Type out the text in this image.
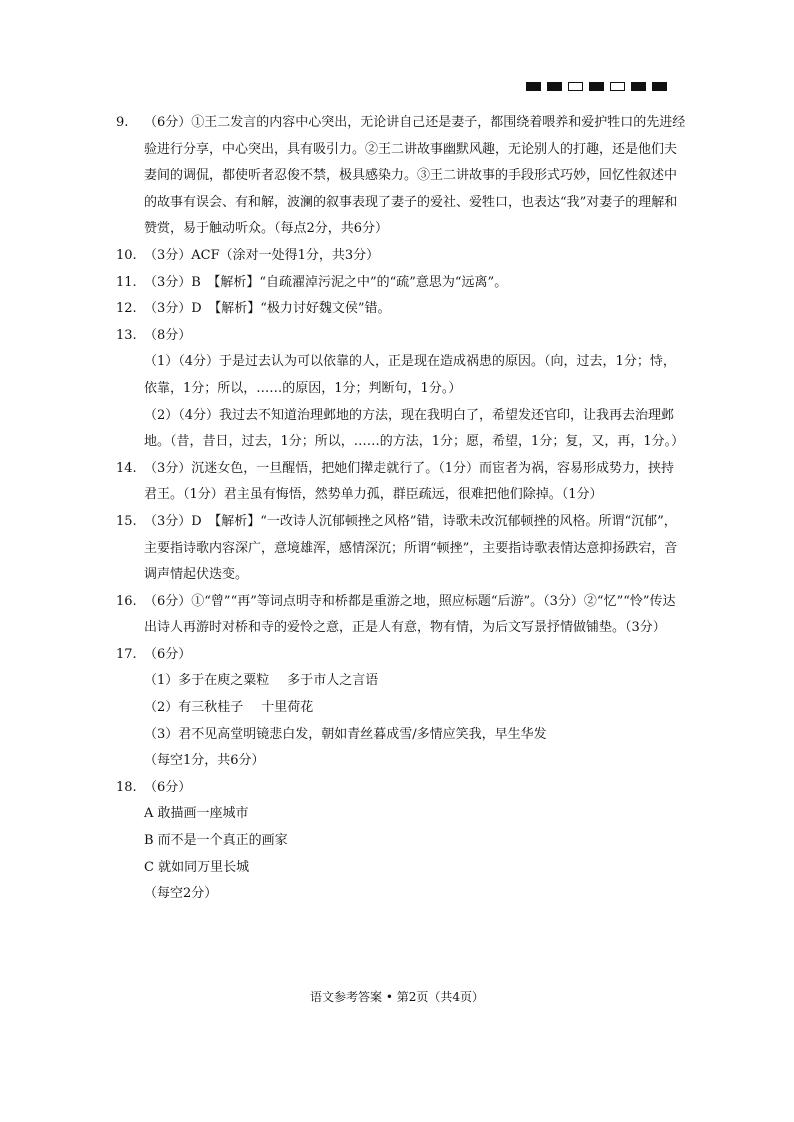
9. （6分）①王二发言的内容中心突出，无论讲自己还是妻子，都围绕着喂养和爱护牲口的先进经验进行分享，中心突出，具有吸引力。②王二讲故事幽默风趣，无论别人的打趣，还是他们夫妻间的调侃，都使听者忍俊不禁，极具感染力。③王二讲故事的手段形式巧妙，回忆性叙述中的故事有误会、有和解，波澜的叙事表现了妻子的爱社、爱牲口，也表达“我”对妻子的理解和赞赏，易于触动听众。（每点2分，共6分）
10. （3分）ACF（涂对一处得1分，共3分）
11. （3分）B　【解析】“自疏濯淖污泥之中”的“疏”意思为“远离”。
12. （3分）D　【解析】“极力讨好魏文侯”错。
13. （8分）
（1）（4分）于是过去认为可以依靠的人，正是现在造成祸患的原因。（向，过去，1分；恃，依靠，1分；所以，……的原因，1分；判断句，1分。）
（2）（4分）我过去不知道治理邺地的方法，现在我明白了，希望发还官印，让我再去治理邺地。（昔，昔日，过去，1分；所以，……的方法，1分；愿，希望，1分；复，又，再，1分。）
14. （3分）沉迷女色，一旦醒悟，把她们撵走就行了。（1分）而宦者为祸，容易形成势力，挟持君王。（1分）君主虽有悔悟，然势单力孤，群臣疏远，很难把他们除掉。（1分）
15. （3分）D　【解析】“一改诗人沉郁顿挫之风格”错，诗歌未改沉郁顿挫的风格。所谓“沉郁”，主要指诗歌内容深广，意境雄浑，感情深沉；所谓“顿挫”，主要指诗歌表情达意抑扬跌宕，音调声情起伏迭变。
16. （6分）①“曾”“再”等词点明寺和桥都是重游之地，照应标题“后游”。（3分）②“忆”“怜”传达出诗人再游时对桥和寺的爱怜之意，正是人有意，物有情，为后文写景抒情做铺垫。（3分）
17. （6分）
（1）多于在庾之粟粒 多于市人之言语
（2）有三秋桂子 十里荷花
（3）君不见高堂明镜悲白发，朝如青丝暮成雪/多情应笑我，早生华发
（每空1分，共6分）
18. （6分）
A 敢描画一座城市
B 而不是一个真正的画家
C 就如同万里长城
（每空2分）
语文参考答案 • 第2页（共4页）
